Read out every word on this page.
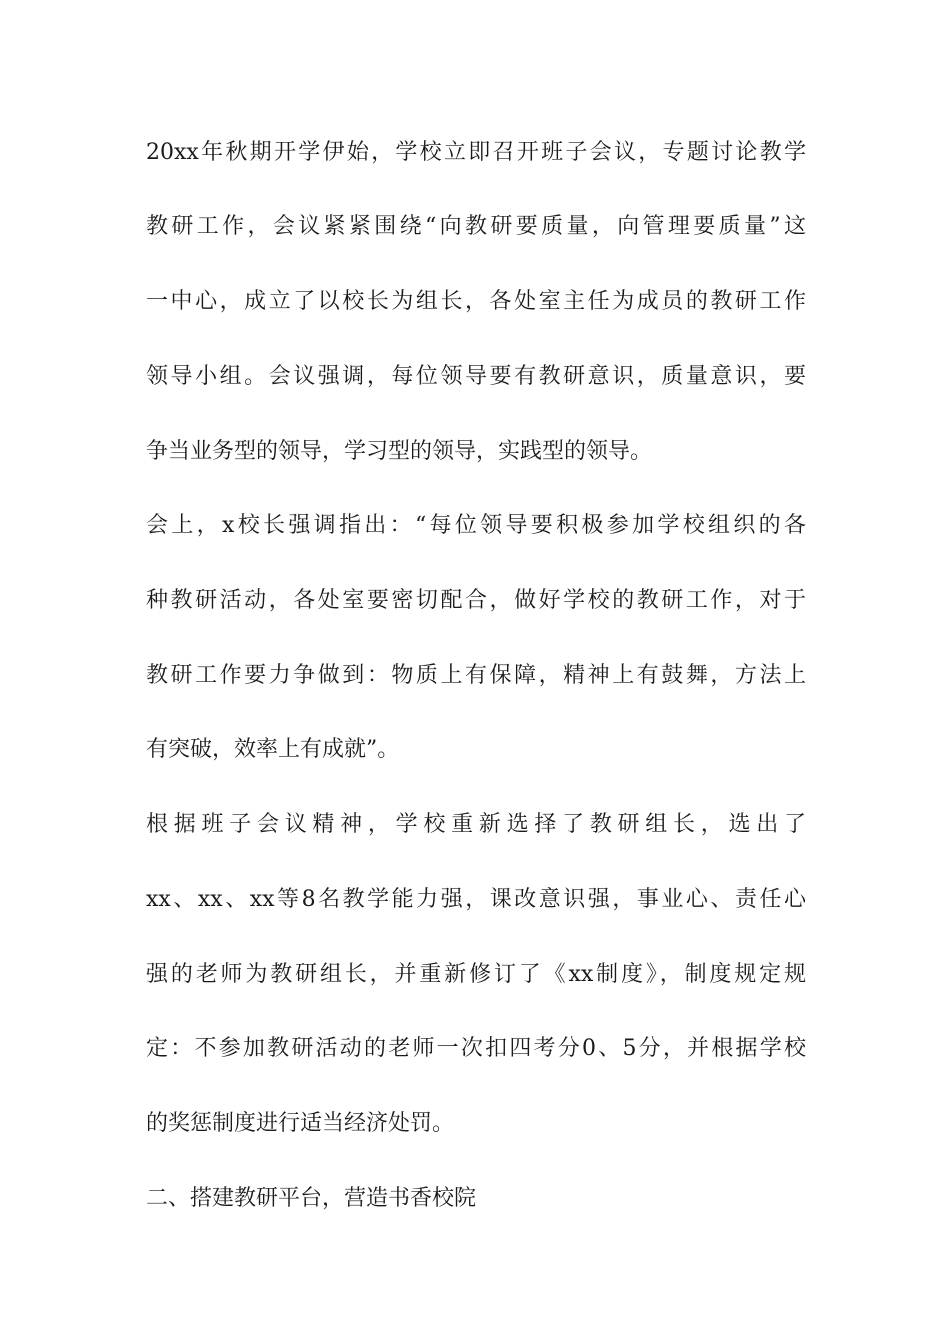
20xx年秋期开学伊始，学校立即召开班子会议，专题讨论教学
教研工作，会议紧紧围绕“向教研要质量，向管理要质量”这
一中心，成立了以校长为组长，各处室主任为成员的教研工作
领导小组。会议强调，每位领导要有教研意识，质量意识，要
争当业务型的领导，学习型的领导，实践型的领导。
会上，x校长强调指出：“每位领导要积极参加学校组织的各
种教研活动，各处室要密切配合，做好学校的教研工作，对于
教研工作要力争做到：物质上有保障，精神上有鼓舞，方法上
有突破，效率上有成就”。
根据班子会议精神，学校重新选择了教研组长，选出了
xx、xx、xx等8名教学能力强，课改意识强，事业心、责任心
强的老师为教研组长，并重新修订了《xx制度》，制度规定规
定：不参加教研活动的老师一次扣四考分0、5分，并根据学校
的奖惩制度进行适当经济处罚。
二、搭建教研平台，营造书香校院
